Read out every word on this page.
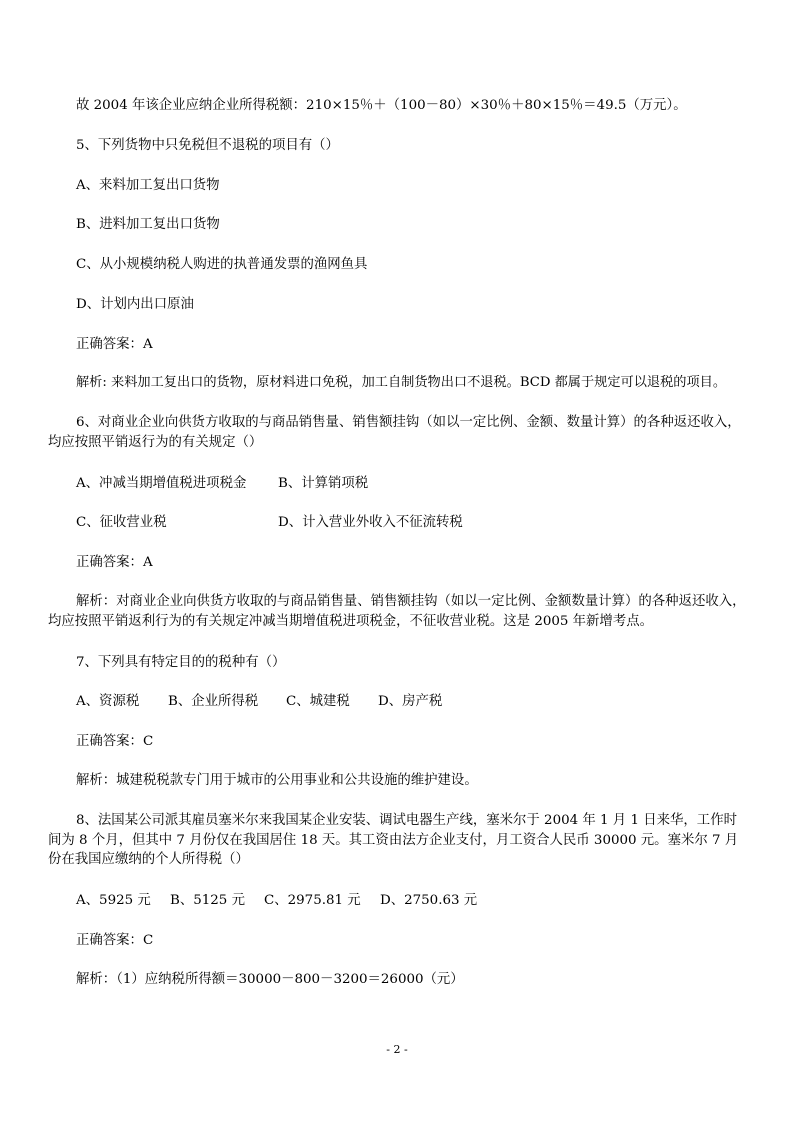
故 2004 年该企业应纳企业所得税额：210×15％＋（100－80）×30％＋80×15％＝49.5（万元）。
5、下列货物中只免税但不退税的项目有（）
A、来料加工复出口货物
B、进料加工复出口货物
C、从小规模纳税人购进的执普通发票的渔网鱼具
D、计划内出口原油
正确答案：A
解析: 来料加工复出口的货物，原材料进口免税，加工自制货物出口不退税。BCD 都属于规定可以退税的项目。
6、对商业企业向供货方收取的与商品销售量、销售额挂钩（如以一定比例、金额、数量计算）的各种返还收入，均应按照平销返行为的有关规定（）
A、冲减当期增值税进项税金 B、计算销项税
C、征收营业税	D、计入营业外收入不征流转税
正确答案：A
解析：对商业企业向供货方收取的与商品销售量、销售额挂钩（如以一定比例、金额数量计算）的各种返还收入，均应按照平销返利行为的有关规定冲减当期增值税进项税金，不征收营业税。这是 2005 年新增考点。
7、下列具有特定目的的税种有（）
A、资源税 B、企业所得税 C、城建税 D、房产税
正确答案：C
解析：城建税税款专门用于城市的公用事业和公共设施的维护建设。
8、法国某公司派其雇员塞米尔来我国某企业安装、调试电器生产线，塞米尔于 2004 年 1 月 1 日来华，工作时间为 8 个月，但其中 7 月份仅在我国居住 18 天。其工资由法方企业支付，月工资合人民币 30000 元。塞米尔 7 月份在我国应缴纳的个人所得税（）
A、5925 元 B、5125 元 C、2975.81 元 D、2750.63 元
正确答案：C
解析：（1）应纳税所得额＝30000－800－3200＝26000（元）
- 2 -
